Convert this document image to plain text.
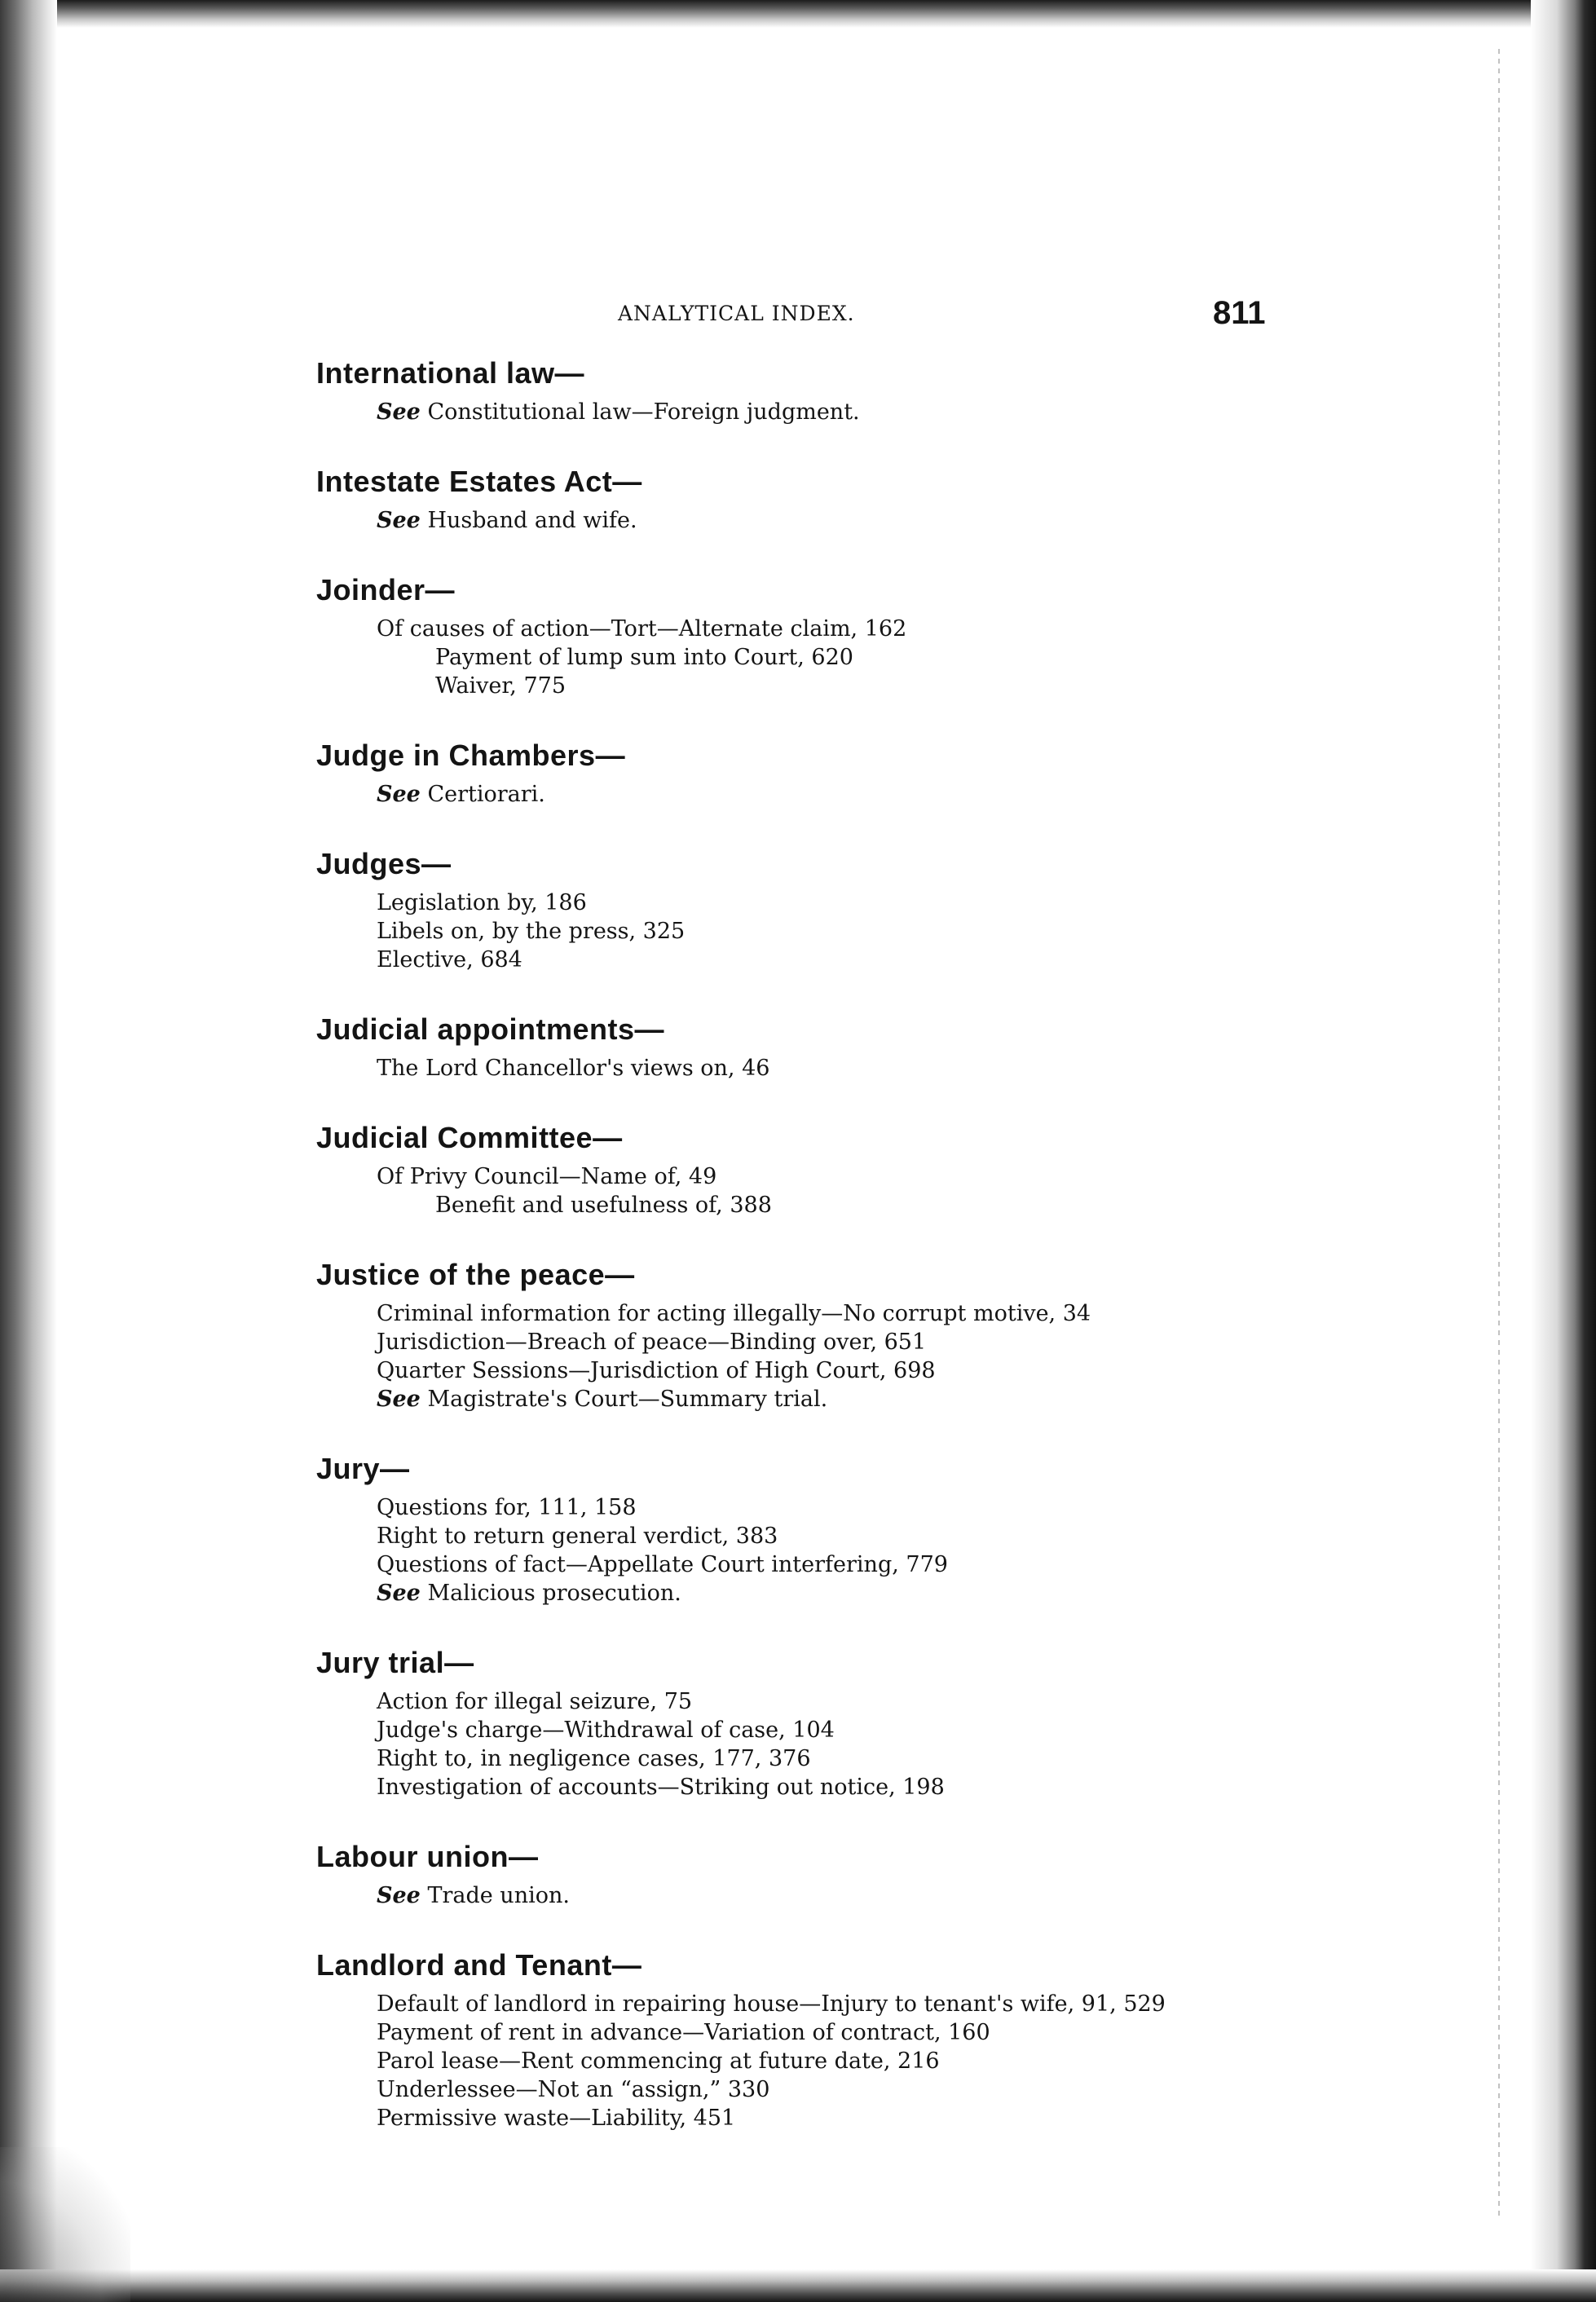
ANALYTICAL INDEX.	811
International law—
See Constitutional law—Foreign judgment.
Intestate Estates Act—
See Husband and wife.
Joinder—
Of causes of action—Tort—Alternate claim, 162
Payment of lump sum into Court, 620
Waiver, 775
Judge in Chambers—
See Certiorari.
Judges—
Legislation by, 186
Libels on, by the press, 325
Elective, 684
Judicial appointments—
The Lord Chancellor's views on, 46
Judicial Committee—
Of Privy Council—Name of, 49
Benefit and usefulness of, 388
Justice of the peace—
Criminal information for acting illegally—No corrupt motive, 34
Jurisdiction—Breach of peace—Binding over, 651
Quarter Sessions—Jurisdiction of High Court, 698
See Magistrate's Court—Summary trial.
Jury—
Questions for, 111, 158
Right to return general verdict, 383
Questions of fact—Appellate Court interfering, 779
See Malicious prosecution.
Jury trial—
Action for illegal seizure, 75
Judge's charge—Withdrawal of case, 104
Right to, in negligence cases, 177, 376
Investigation of accounts—Striking out notice, 198
Labour union—
See Trade union.
Landlord and Tenant—
Default of landlord in repairing house—Injury to tenant's wife, 91, 529
Payment of rent in advance—Variation of contract, 160
Parol lease—Rent commencing at future date, 216
Underlessee—Not an “assign,” 330
Permissive waste—Liability, 451
